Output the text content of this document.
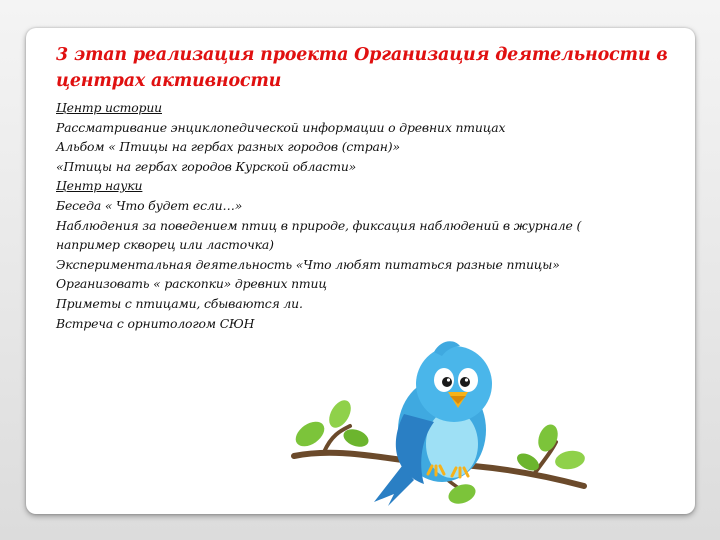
3 этап реализация проекта Организация деятельности в центрах активности
Центр истории
Рассматривание энциклопедической информации о древних птицах
Альбом « Птицы на гербах разных городов (стран)»
«Птицы на гербах городов Курской области»
Центр науки
Беседа « Что будет если…»
Наблюдения за поведением птиц в природе, фиксация наблюдений в журнале ( например скворец или ласточка)
Экспериментальная деятельность «Что любят питаться разные птицы»
Организовать « раскопки» древних птиц
Приметы с птицами, сбываются ли.
Встреча с орнитологом СЮН
